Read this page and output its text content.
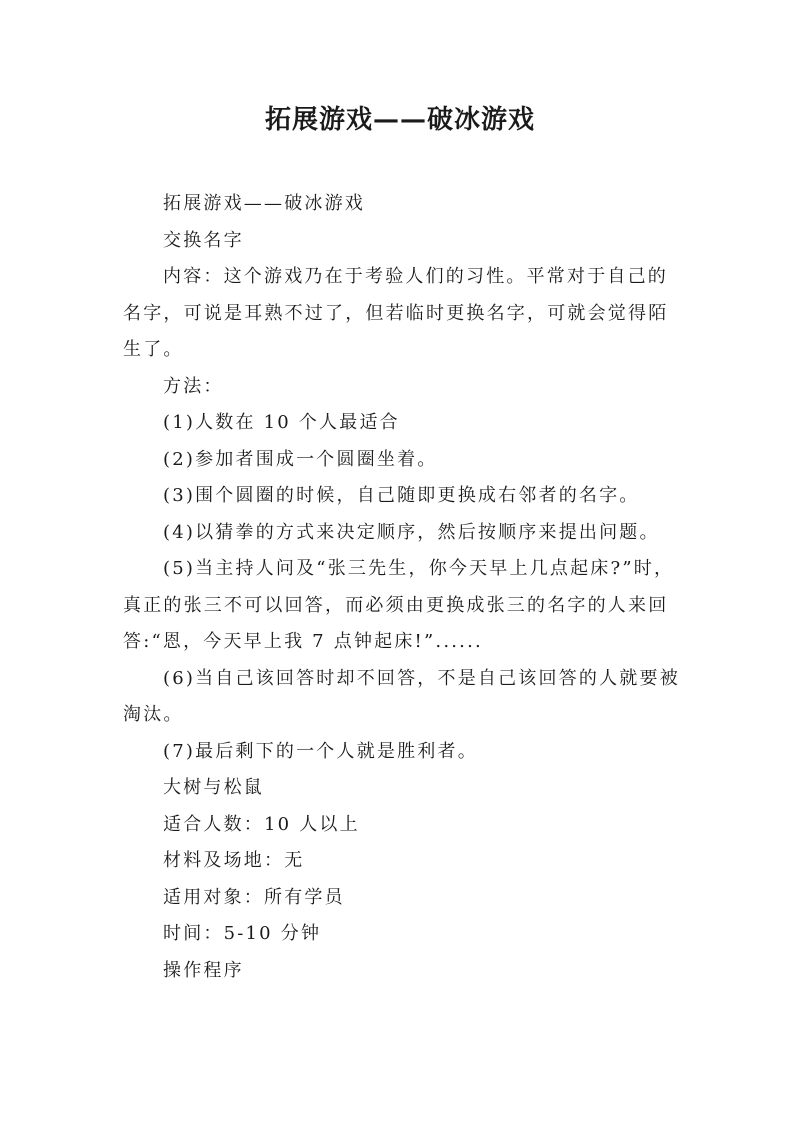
拓展游戏——破冰游戏

拓展游戏——破冰游戏

交换名字

内容：这个游戏乃在于考验人们的习性。平常对于自己的名字，可说是耳熟不过了，但若临时更换名字，可就会觉得陌生了。

方法：

(1)人数在 10 个人最适合

(2)参加者围成一个圆圈坐着。

(3)围个圆圈的时候，自己随即更换成右邻者的名字。

(4)以猜拳的方式来决定顺序，然后按顺序来提出问题。

(5)当主持人问及“张三先生，你今天早上几点起床?”时，真正的张三不可以回答，而必须由更换成张三的名字的人来回答:“恩，今天早上我 7 点钟起床!”......

(6)当自己该回答时却不回答，不是自己该回答的人就要被淘汰。

(7)最后剩下的一个人就是胜利者。

大树与松鼠

适合人数：10 人以上

材料及场地：无

适用对象：所有学员

时间：5-10 分钟

操作程序
